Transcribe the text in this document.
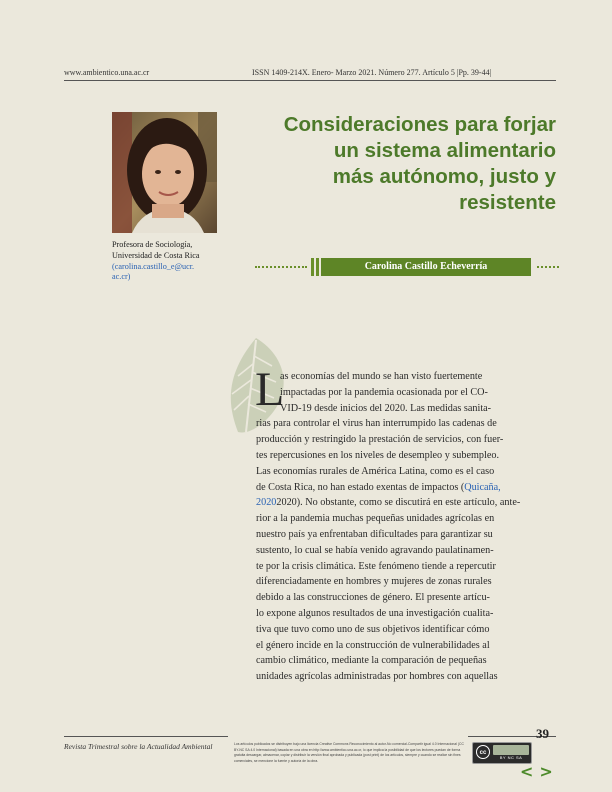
www.ambientico.una.ac.cr	ISSN 1409-214X. Enero- Marzo 2021. Número 277. Artículo 5 |Pp. 39-44|
Profesora de Sociología,
Universidad de Costa Rica
(carolina.castillo_e@ucr.
ac.cr)
Consideraciones para forjar
un sistema alimentario
más autónomo, justo y
resistente
Carolina Castillo Echeverría
L
as economías del mundo se han visto fuertemente
impactadas por la pandemia ocasionada por el CO-
VID-19 desde inicios del 2020. Las medidas sanita-
rias para controlar el virus han interrumpido las cadenas de
producción y restringido la prestación de servicios, con fuer-
tes repercusiones en los niveles de desempleo y subempleo.
Las economías rurales de América Latina, como es el caso
de Costa Rica, no han estado exentas de impactos (Quicaña,
20202020). No obstante, como se discutirá en este artículo, ante-
rior a la pandemia muchas pequeñas unidades agrícolas en
nuestro país ya enfrentaban dificultades para garantizar su
sustento, lo cual se había venido agravando paulatinamen-
te por la crisis climática. Este fenómeno tiende a repercutir
diferenciadamente en hombres y mujeres de zonas rurales
debido a las construcciones de género. El presente artícu-
lo expone algunos resultados de una investigación cualita-
tiva que tuvo como uno de sus objetivos identificar cómo
el género incide en la construcción de vulnerabilidades al
cambio climático, mediante la comparación de pequeñas
unidades agrícolas administradas por hombres con aquellas
39
Revista Trimestral sobre la Actualidad Ambiental	Los artículos publicados se distribuyen bajo una licencia Creative Commons Reconocimiento al autor-No comercial-Compartir igual 4.0 Internacional (CC BY-NC SA 4.0 Internacional) basada en una obra en http://www.ambientico.una.ac.cr, lo que implica la posibilidad de que los lectores puedan de forma gratuita descargar, almacenar, copiar y distribuir la versión final aprobada y publicada (post print) de los artículos, siempre y cuando se realice sin fines comerciales, se mencione la fuente y autoría de la obra.
cc
BY NC SA
< >
